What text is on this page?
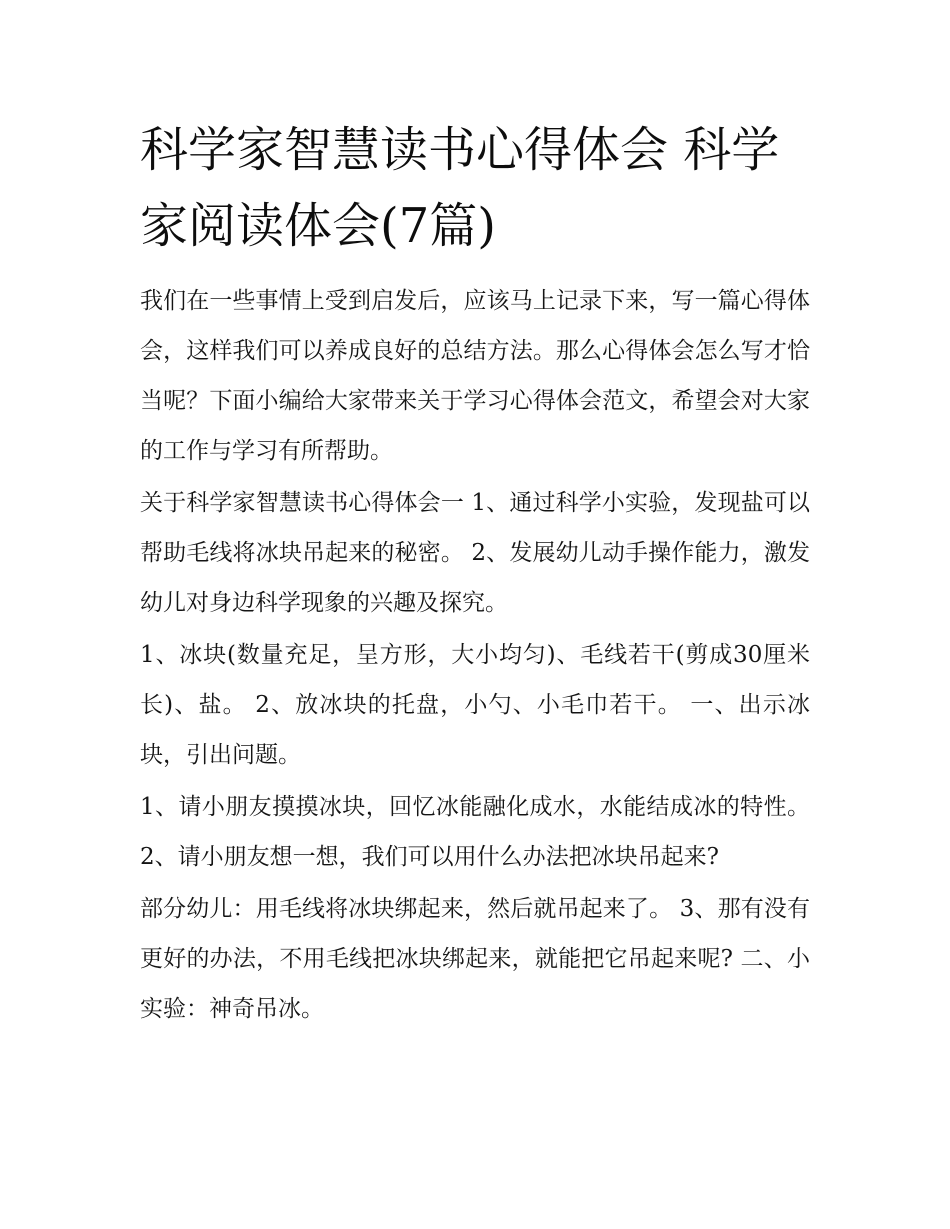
科学家智慧读书心得体会 科学家阅读体会(7篇)

我们在一些事情上受到启发后，应该马上记录下来，写一篇心得体会，这样我们可以养成良好的总结方法。那么心得体会怎么写才恰当呢？下面小编给大家带来关于学习心得体会范文，希望会对大家的工作与学习有所帮助。

关于科学家智慧读书心得体会一 1、通过科学小实验，发现盐可以帮助毛线将冰块吊起来的秘密。 2、发展幼儿动手操作能力，激发幼儿对身边科学现象的兴趣及探究。

1、冰块(数量充足，呈方形，大小均匀)、毛线若干(剪成30厘米长)、盐。 2、放冰块的托盘，小勺、小毛巾若干。 一、出示冰块，引出问题。

1、请小朋友摸摸冰块，回忆冰能融化成水，水能结成冰的特性。 2、请小朋友想一想，我们可以用什么办法把冰块吊起来?

部分幼儿：用毛线将冰块绑起来，然后就吊起来了。 3、那有没有更好的办法，不用毛线把冰块绑起来，就能把它吊起来呢? 二、小实验：神奇吊冰。
